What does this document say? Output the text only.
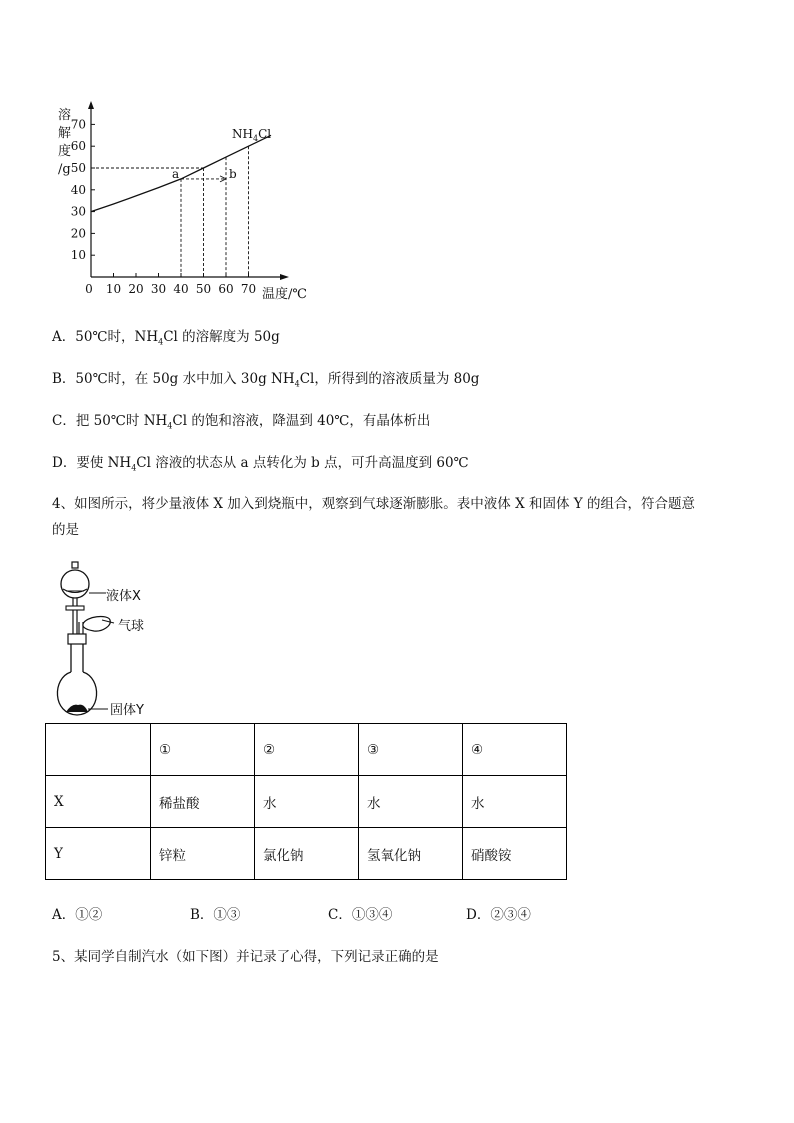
10
20
30
40
50
60
70
0 10 20 30 40 50 60 70
溶
解
度
/g
温度/℃
$NH_4Cl$
a	b
A．50℃时，$NH_4Cl$ 的溶解度为 50g
B．50℃时，在 50g 水中加入 30g $NH_4Cl$，所得到的溶液质量为 80g
C．把 50℃时 $NH_4Cl$ 的饱和溶液，降温到 40℃，有晶体析出
D．要使 $NH_4Cl$ 溶液的状态从 a 点转化为 b 点，可升高温度到 60℃
4、如图所示，将少量液体 X 加入到烧瓶中，观察到气球逐渐膨胀。表中液体 X 和固体 Y 的组合，符合题意
的是
液体X
气球
固体Y
	①	②	③	④
X	稀盐酸	水	水	水
Y	锌粒	氯化钠	氢氧化钠	硝酸铵
A．①②	B．①③	C．①③④	D．②③④
5、某同学自制汽水（如下图）并记录了心得，下列记录正确的是
